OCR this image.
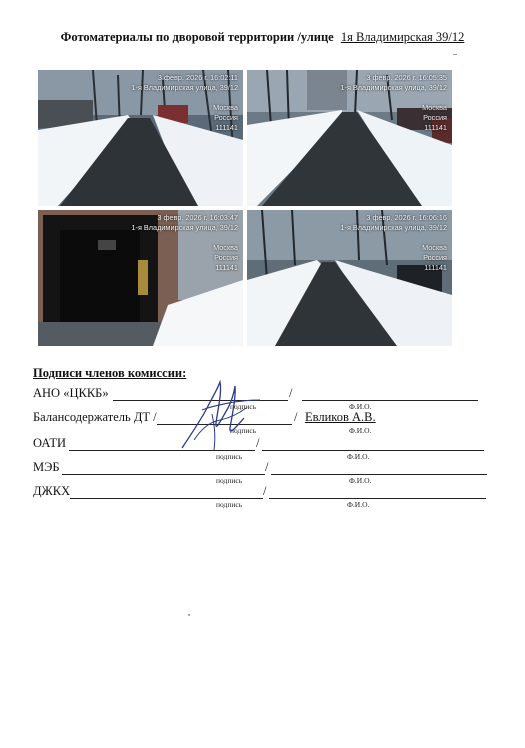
Фотоматериалы по дворовой территории /улице 1я Владимирская 39/12
3 февр. 2026 г. 16:02:11
1-я Владимирская улица, 39/12
Москва
Россия
111141
3 февр. 2026 г. 16:05:35
1-я Владимирская улица, 39/12
Москва
Россия
111141
3 февр. 2026 г. 16:03:47
1-я Владимирская улица, 39/12
Москва
Россия
111141
3 февр. 2026 г. 16:06:16
1-я Владимирская улица, 39/12
Москва
Россия
111141
Подписи членов комиссии:
АНО «ЦККБ»	/
подпись	Ф.И.О.
Балансодержатель ДТ /	/ Евликов А.В.
подпись	Ф.И.О.
ОАТИ	/
подпись	Ф.И.О.
МЭБ	/
подпись	Ф.И.О.
ДЖКХ	/
подпись	Ф.И.О.
